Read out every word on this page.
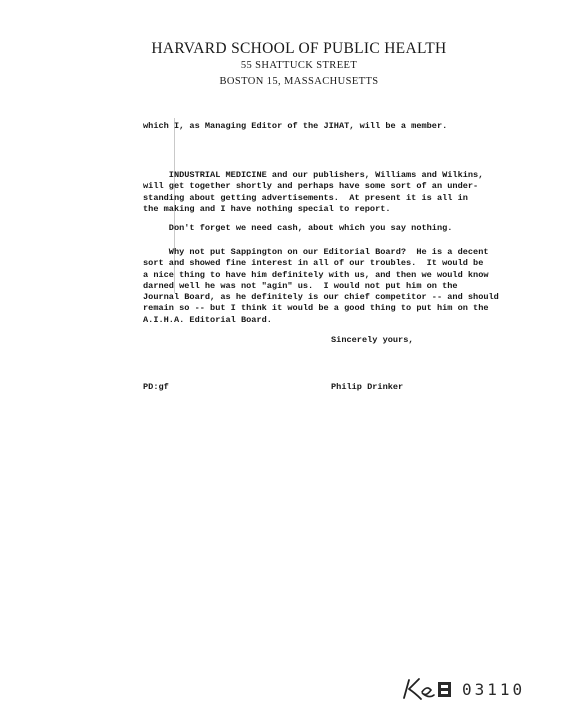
HARVARD SCHOOL OF PUBLIC HEALTH
55 SHATTUCK STREET
BOSTON 15, MASSACHUSETTS
which I, as Managing Editor of the JIHAT, will be a member.
INDUSTRIAL MEDICINE and our publishers, Williams and Wilkins,
will get together shortly and perhaps have some sort of an under-
standing about getting advertisements.  At present it is all in
the making and I have nothing special to report.
Don't forget we need cash, about which you say nothing.
Why not put Sappington on our Editorial Board?  He is a decent
sort and showed fine interest in all of our troubles.  It would be
a nice thing to have him definitely with us, and then we would know
darned well he was not "agin" us.  I would not put him on the
Journal Board, as he definitely is our chief competitor -- and should
remain so -- but I think it would be a good thing to put him on the
A.I.H.A. Editorial Board.
Sincerely yours,
PD:gf	Philip Drinker
03110
